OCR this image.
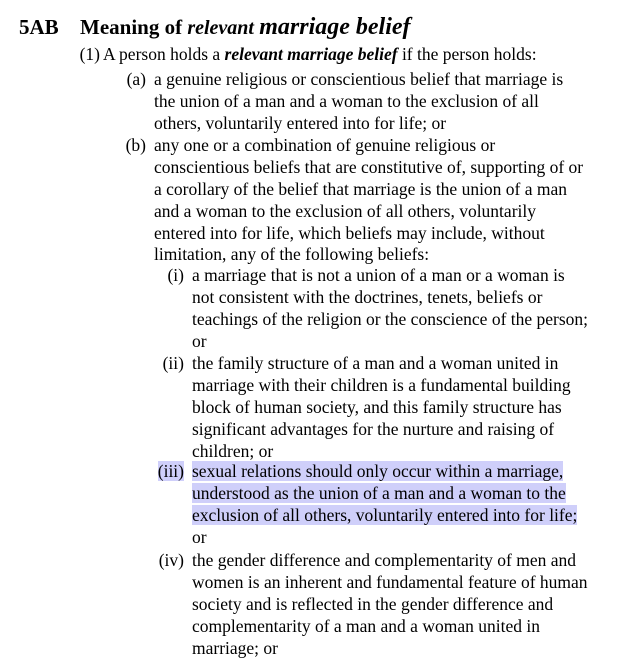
5AB Meaning of relevant marriage belief
(1) A person holds a relevant marriage belief if the person holds:
(a) a genuine religious or conscientious belief that marriage is
the union of a man and a woman to the exclusion of all
others, voluntarily entered into for life; or
(b) any one or a combination of genuine religious or
conscientious beliefs that are constitutive of, supporting of or
a corollary of the belief that marriage is the union of a man
and a woman to the exclusion of all others, voluntarily
entered into for life, which beliefs may include, without
limitation, any of the following beliefs:
(i) a marriage that is not a union of a man or a woman is
not consistent with the doctrines, tenets, beliefs or
teachings of the religion or the conscience of the person;
or
(ii) the family structure of a man and a woman united in
marriage with their children is a fundamental building
block of human society, and this family structure has
significant advantages for the nurture and raising of
children; or
(iii) sexual relations should only occur within a marriage,
understood as the union of a man and a woman to the
exclusion of all others, voluntarily entered into for life;
or
(iv) the gender difference and complementarity of men and
women is an inherent and fundamental feature of human
society and is reflected in the gender difference and
complementarity of a man and a woman united in
marriage; or
